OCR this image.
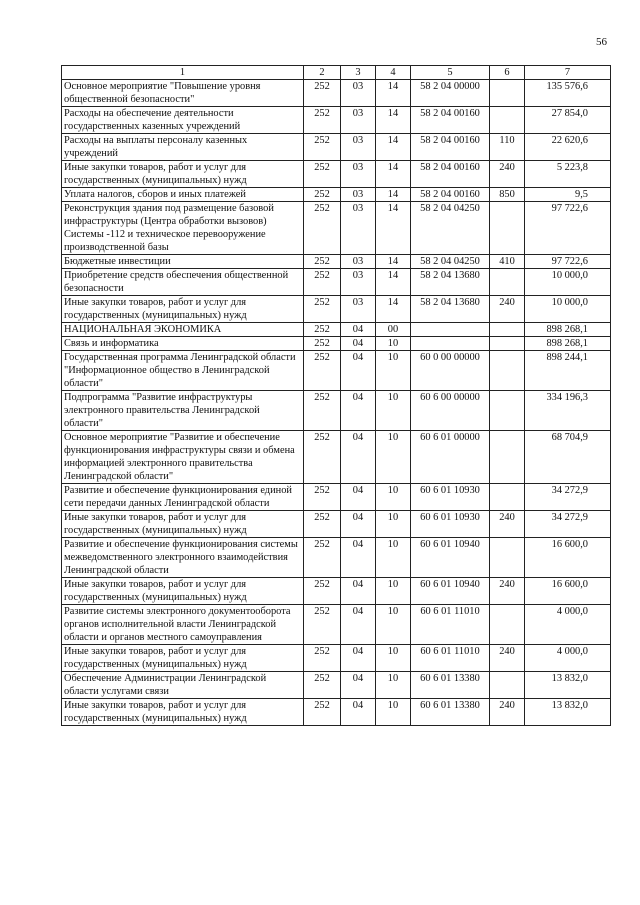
56
1	2	3	4	5	6	7
Основное мероприятие "Повышение уровня общественной безопасности"	252	03	14	58 2 04 00000		135 576,6
Расходы на обеспечение деятельности государственных казенных учреждений	252	03	14	58 2 04 00160		27 854,0
Расходы на выплаты персоналу казенных учреждений	252	03	14	58 2 04 00160	110	22 620,6
Иные закупки товаров, работ и услуг для государственных (муниципальных) нужд	252	03	14	58 2 04 00160	240	5 223,8
Уплата налогов, сборов и иных платежей	252	03	14	58 2 04 00160	850	9,5
Реконструкция здания под размещение базовой инфраструктуры (Центра обработки вызовов) Системы -112 и техническое перевооружение производственной базы	252	03	14	58 2 04 04250		97 722,6
Бюджетные инвестиции	252	03	14	58 2 04 04250	410	97 722,6
Приобретение средств обеспечения общественной безопасности	252	03	14	58 2 04 13680		10 000,0
Иные закупки товаров, работ и услуг для государственных (муниципальных) нужд	252	03	14	58 2 04 13680	240	10 000,0
НАЦИОНАЛЬНАЯ ЭКОНОМИКА	252	04	00			898 268,1
Связь и информатика	252	04	10			898 268,1
Государственная программа Ленинградской области "Информационное общество в Ленинградской области"	252	04	10	60 0 00 00000		898 244,1
Подпрограмма "Развитие инфраструктуры электронного правительства Ленинградской области"	252	04	10	60 6 00 00000		334 196,3
Основное мероприятие "Развитие и обеспечение функционирования инфраструктуры связи и обмена информацией электронного правительства Ленинградской области"	252	04	10	60 6 01 00000		68 704,9
Развитие и обеспечение функционирования единой сети передачи данных Ленинградской области	252	04	10	60 6 01 10930		34 272,9
Иные закупки товаров, работ и услуг для государственных (муниципальных) нужд	252	04	10	60 6 01 10930	240	34 272,9
Развитие и обеспечение функционирования системы межведомственного электронного взаимодействия Ленинградской области	252	04	10	60 6 01 10940		16 600,0
Иные закупки товаров, работ и услуг для государственных (муниципальных) нужд	252	04	10	60 6 01 10940	240	16 600,0
Развитие системы электронного документооборота органов исполнительной власти Ленинградской области и органов местного самоуправления	252	04	10	60 6 01 11010		4 000,0
Иные закупки товаров, работ и услуг для государственных (муниципальных) нужд	252	04	10	60 6 01 11010	240	4 000,0
Обеспечение Администрации Ленинградской области услугами связи	252	04	10	60 6 01 13380		13 832,0
Иные закупки товаров, работ и услуг для государственных (муниципальных) нужд	252	04	10	60 6 01 13380	240	13 832,0
